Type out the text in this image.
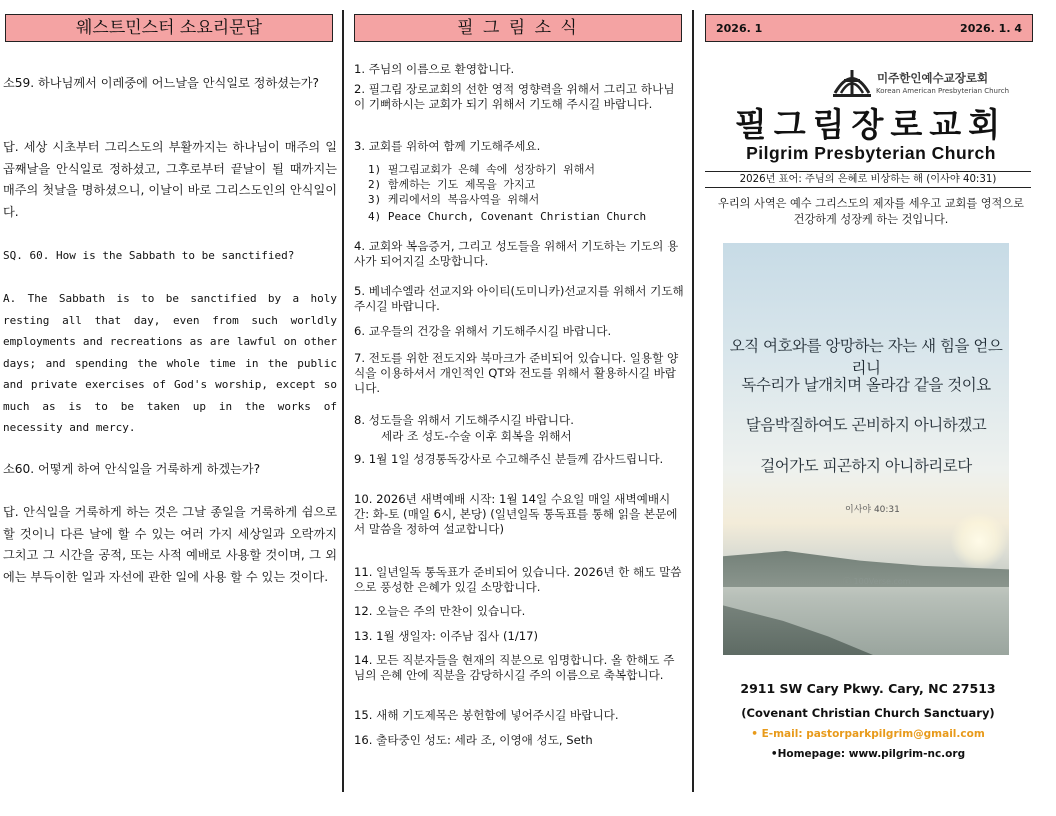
웨스트민스터 소요리문답
소59. 하나님께서 이레중에 어느날을 안식일로 정하셨는가?
답. 세상 시초부터 그리스도의 부활까지는 하나님이 매주의 일곱째날을 안식일로 정하셨고, 그후로부터 끝날이 될 때까지는 매주의 첫날을 명하셨으니, 이날이 바로 그리스도인의 안식일이다.
SQ. 60. How is the Sabbath to be sanctified?
A. The Sabbath is to be sanctified by a holy resting all that day, even from such worldly employments and recreations as are lawful on other days; and spending the whole time in the public and private exercises of God's worship, except so much as is to be taken up in the works of necessity and mercy.
소60. 어떻게 하여 안식일을 거룩하게 하겠는가?
답. 안식일을 거룩하게 하는 것은 그날 종일을 거룩하게 쉼으로 할 것이니 다른 날에 할 수 있는 여러 가지 세상일과 오락까지 그치고 그 시간을 공적, 또는 사적 예배로 사용할 것이며, 그 외에는 부득이한 일과 자선에 관한 일에 사용 할 수 있는 것이다.
필 그 림 소 식
1. 주님의 이름으로 환영합니다.
2. 필그림 장로교회의 선한 영적 영향력을 위해서 그리고 하나님이 기뻐하시는 교회가 되기 위해서 기도해 주시길 바랍니다.
3. 교회를 위하여 함께 기도해주세요.
1) 필그림교회가 은혜 속에 성장하기 위해서
2) 함께하는 기도 제목을 가지고
3) 케리에서의 복음사역을 위해서
4) Peace Church, Covenant Christian Church
4. 교회와 복음증거, 그리고 성도들을 위해서 기도하는 기도의 용사가 되어지길 소망합니다.
5. 베네수엘라 선교지와 아이티(도미니카)선교지를 위해서 기도해주시길 바랍니다.
6. 교우들의 건강을 위해서 기도해주시길 바랍니다.
7. 전도를 위한 전도지와 북마크가 준비되어 있습니다. 일용할 양식을 이용하셔서 개인적인 QT와 전도를 위해서 활용하시길 바랍니다.
8. 성도들을 위해서 기도해주시길 바랍니다.
세라 조 성도-수술 이후 회복을 위해서
9. 1월 1일 성경통독강사로 수고해주신 분들께 감사드립니다.
10. 2026년 새벽예배 시작: 1월 14일 수요일 매일 새벽예배시간: 화-토 (매일 6시, 본당) (일년일독 통독표를 통해 읽을 본문에서 말씀을 정하여 설교합니다)
11. 일년일독 통독표가 준비되어 있습니다. 2026년 한 해도 말씀으로 풍성한 은혜가 있길 소망합니다.
12. 오늘은 주의 만찬이 있습니다.
13. 1월 생일자: 이주남 집사 (1/17)
14. 모든 직분자들을 현재의 직분으로 임명합니다. 올 한해도 주님의 은혜 안에 직분을 감당하시길 주의 이름으로 축복합니다.
15. 새해 기도제목은 봉헌함에 넣어주시길 바랍니다.
16. 출타중인 성도: 세라 조, 이영애 성도, Seth
2026. 1	2026. 1. 4
미주한인예수교장로회
Korean American Presbyterian Church
필그림장로교회
Pilgrim Presbyterian Church
2026년 표어: 주님의 은혜로 비상하는 해 (이사야 40:31)
우리의 사역은 예수 그리스도의 제자를 세우고 교회를 영적으로 건강하게 성장케 하는 것입니다.
오직 여호와를 앙망하는 자는 새 힘을 얻으리니
독수리가 날개치며 올라감 같을 것이요
달음박질하여도 곤비하지 아니하겠고
걸어가도 피곤하지 아니하리로다
이사야 40:31
ⓒ 100Verse.com
2911 SW Cary Pkwy. Cary, NC 27513
(Covenant Christian Church Sanctuary)
• E-mail: pastorparkpilgrim@gmail.com
•Homepage: www.pilgrim-nc.org
